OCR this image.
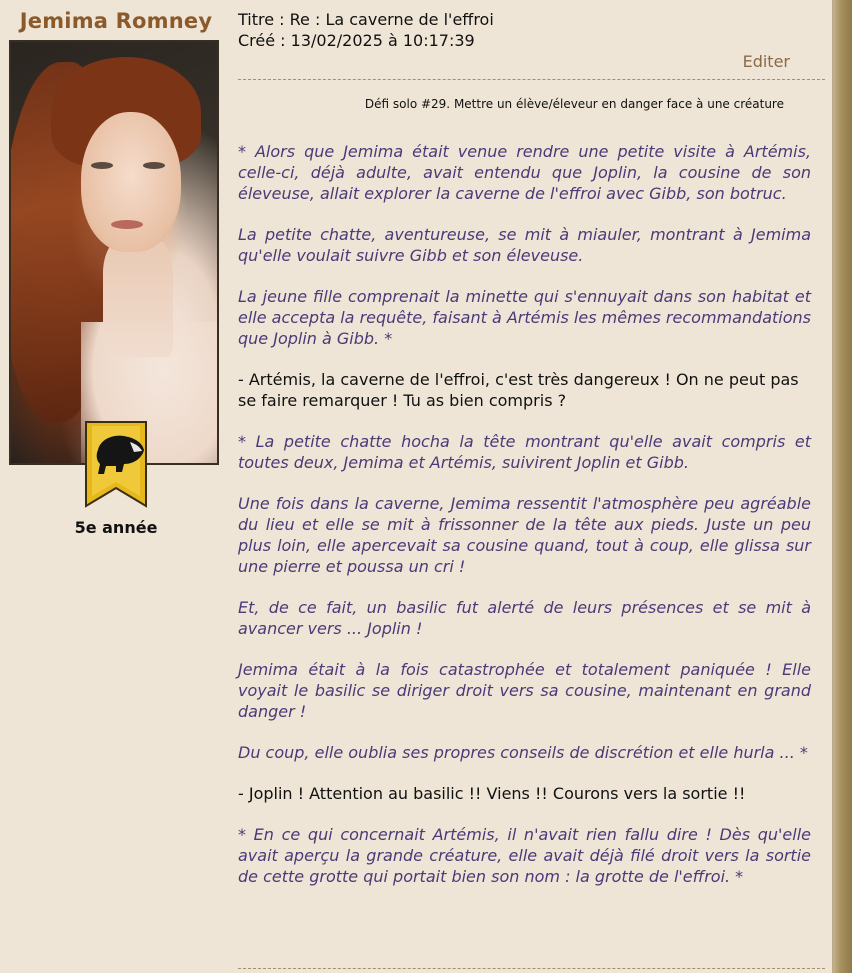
Jemima Romney
5e année
Titre : Re : La caverne de l'effroi
Créé : 13/02/2025 à 10:17:39
Editer
Défi solo #29. Mettre un élève/éleveur en danger face à une créature

* Alors que Jemima était venue rendre une petite visite à Artémis, celle-ci, déjà adulte, avait entendu que Joplin, la cousine de son éleveuse, allait explorer la caverne de l'effroi avec Gibb, son botruc.

La petite chatte, aventureuse, se mit à miauler, montrant à Jemima qu'elle voulait suivre Gibb et son éleveuse.

La jeune fille comprenait la minette qui s'ennuyait dans son habitat et elle accepta la requête, faisant à Artémis les mêmes recommandations que Joplin à Gibb. *

- Artémis, la caverne de l'effroi, c'est très dangereux ! On ne peut pas se faire remarquer ! Tu as bien compris ?

* La petite chatte hocha la tête montrant qu'elle avait compris et toutes deux, Jemima et Artémis, suivirent Joplin et Gibb.

Une fois dans la caverne, Jemima ressentit l'atmosphère peu agréable du lieu et elle se mit à frissonner de la tête aux pieds. Juste un peu plus loin, elle apercevait sa cousine quand, tout à coup, elle glissa sur une pierre et poussa un cri !

Et, de ce fait, un basilic fut alerté de leurs présences et se mit à avancer vers ... Joplin !

Jemima était à la fois catastrophée et totalement paniquée ! Elle voyait le basilic se diriger droit vers sa cousine, maintenant en grand danger !

Du coup, elle oublia ses propres conseils de discrétion et elle hurla ... *

- Joplin ! Attention au basilic !! Viens !! Courons vers la sortie !!

* En ce qui concernait Artémis, il n'avait rien fallu dire ! Dès qu'elle avait aperçu la grande créature, elle avait déjà filé droit vers la sortie de cette grotte qui portait bien son nom : la grotte de l'effroi. *
